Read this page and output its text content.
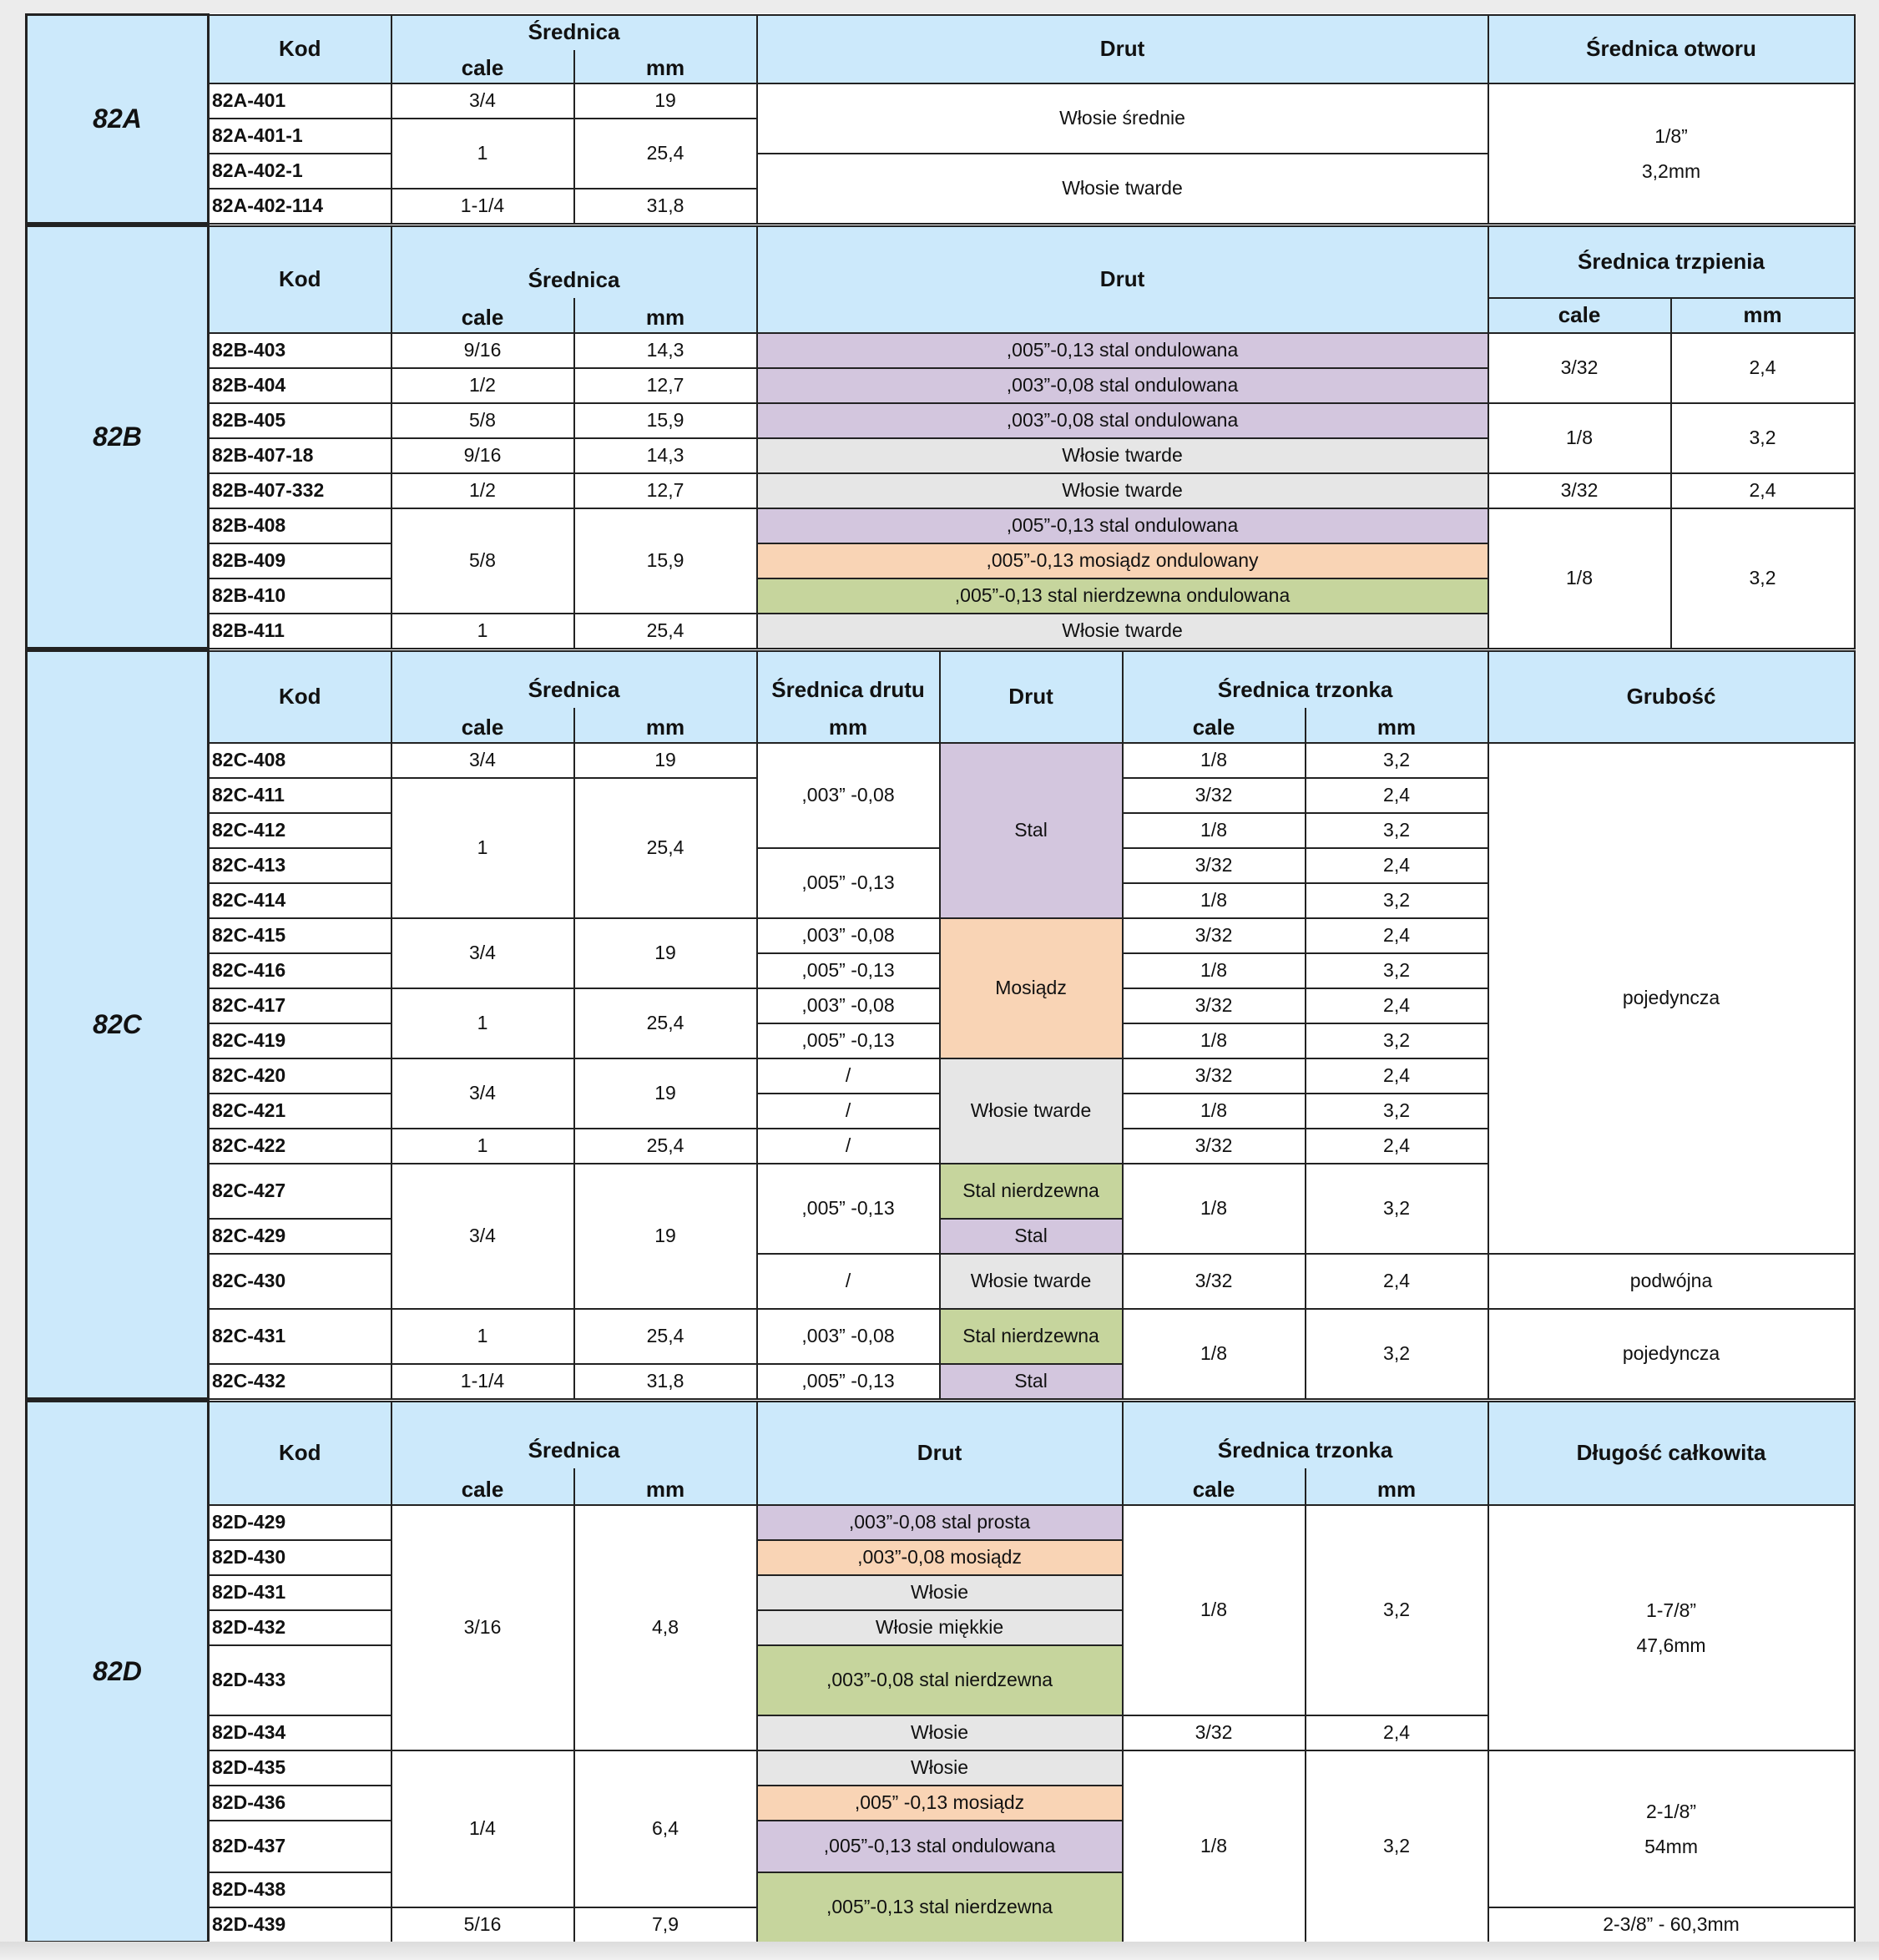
82A	Kod	Średnica		Drut	Średnica otworu
		cale	mm		
	82A-401	3/4	19	Włosie średnie	1/8”
3,2mm

	82A-401-1	1	25,4		
	82A-402-1			Włosie twarde	
	82A-402-114	1-1/4	31,8		
82B	Kod	Średnica		Drut	Średnica trzpienia	
		cale	mm		cale	mm
	82B-403	9/16	14,3	,005”-0,13 stal ondulowana	3/32	2,4
	82B-404	1/2	12,7	,003”-0,08 stal ondulowana		
	82B-405	5/8	15,9	,003”-0,08 stal ondulowana	1/8	3,2
	82B-407-18	9/16	14,3	Włosie twarde		
	82B-407-332	1/2	12,7	Włosie twarde	3/32	2,4
	82B-408	5/8	15,9	,005”-0,13 stal ondulowana	1/8	3,2
	82B-409			,005”-0,13 mosiądz ondulowany		
	82B-410			,005”-0,13 stal nierdzewna ondulowana		
	82B-411	1	25,4	Włosie twarde		
82C	Kod	Średnica		Średnica drutu	Drut	Średnica trzonka		Grubość
		cale	mm	mm		cale	mm	
	82C-408	3/4	19	,003” -0,08	Stal	1/8	3,2	pojedyncza
	82C-411	1	25,4			3/32	2,4	
	82C-412					1/8	3,2	
	82C-413			,005” -0,13		3/32	2,4	
	82C-414					1/8	3,2	
	82C-415	3/4	19	,003” -0,08	Mosiądz	3/32	2,4	
	82C-416			,005” -0,13		1/8	3,2	
	82C-417	1	25,4	,003” -0,08		3/32	2,4	
	82C-419			,005” -0,13		1/8	3,2	
	82C-420	3/4	19	/	Włosie twarde	3/32	2,4	
	82C-421			/		1/8	3,2	
	82C-422	1	25,4	/		3/32	2,4	
	82C-427	3/4	19	,005” -0,13	Stal nierdzewna	1/8	3,2	
	82C-429				Stal			
	82C-430			/	Włosie twarde	3/32	2,4	podwójna
	82C-431	1	25,4	,003” -0,08	Stal nierdzewna	1/8	3,2	pojedyncza
	82C-432	1-1/4	31,8	,005” -0,13	Stal			
82D	Kod	Średnica		Drut	Średnica trzonka		Długość całkowita
		cale	mm		cale	mm	
	82D-429	3/16	4,8	,003”-0,08 stal prosta	1/8	3,2	1-7/8”
47,6mm

	82D-430			,003”-0,08 mosiądz			
	82D-431			Włosie			
	82D-432			Włosie miękkie			
	82D-433			,003”-0,08 stal nierdzewna			
	82D-434			Włosie	3/32	2,4	
	82D-435	1/4	6,4	Włosie	1/8	3,2	2-1/8”
54mm

	82D-436			,005” -0,13 mosiądz			
	82D-437			,005”-0,13 stal ondulowana			
	82D-438			,005”-0,13 stal nierdzewna			
	82D-439	5/16	7,9				2-3/8” - 60,3mm
